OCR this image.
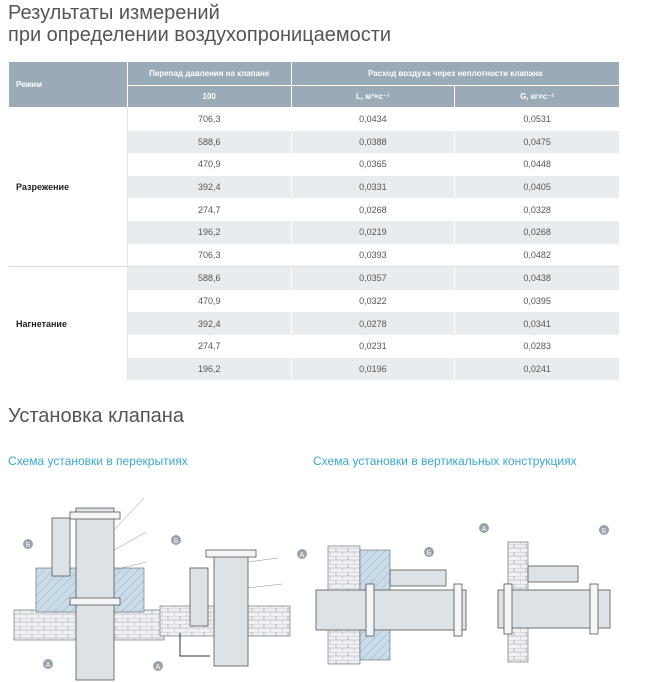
Результаты измерений
при определении воздухопроницаемости
Режим	Перепад давления на клапане	Расход воздуха через неплотности клапана	
	100	L, м³×с⁻¹	G, кг×с⁻¹
Разрежение	706,3	0,0434	0,0531
	588,6	0,0388	0,0475
	470,9	0,0365	0,0448
	392,4	0,0331	0,0405
	274,7	0,0268	0,0328
	196,2	0,0219	0,0268
	706,3	0,0393	0,0482
Нагнетание	588,6	0,0357	0,0438
	470,9	0,0322	0,0395
	392,4	0,0278	0,0341
	274,7	0,0231	0,0283
	196,2	0,0196	0,0241
Установка клапана
Схема установки в перекрытиях	Схема установки в вертикальных конструкциях
Б
А
Б
А
А	Б
А	Б
